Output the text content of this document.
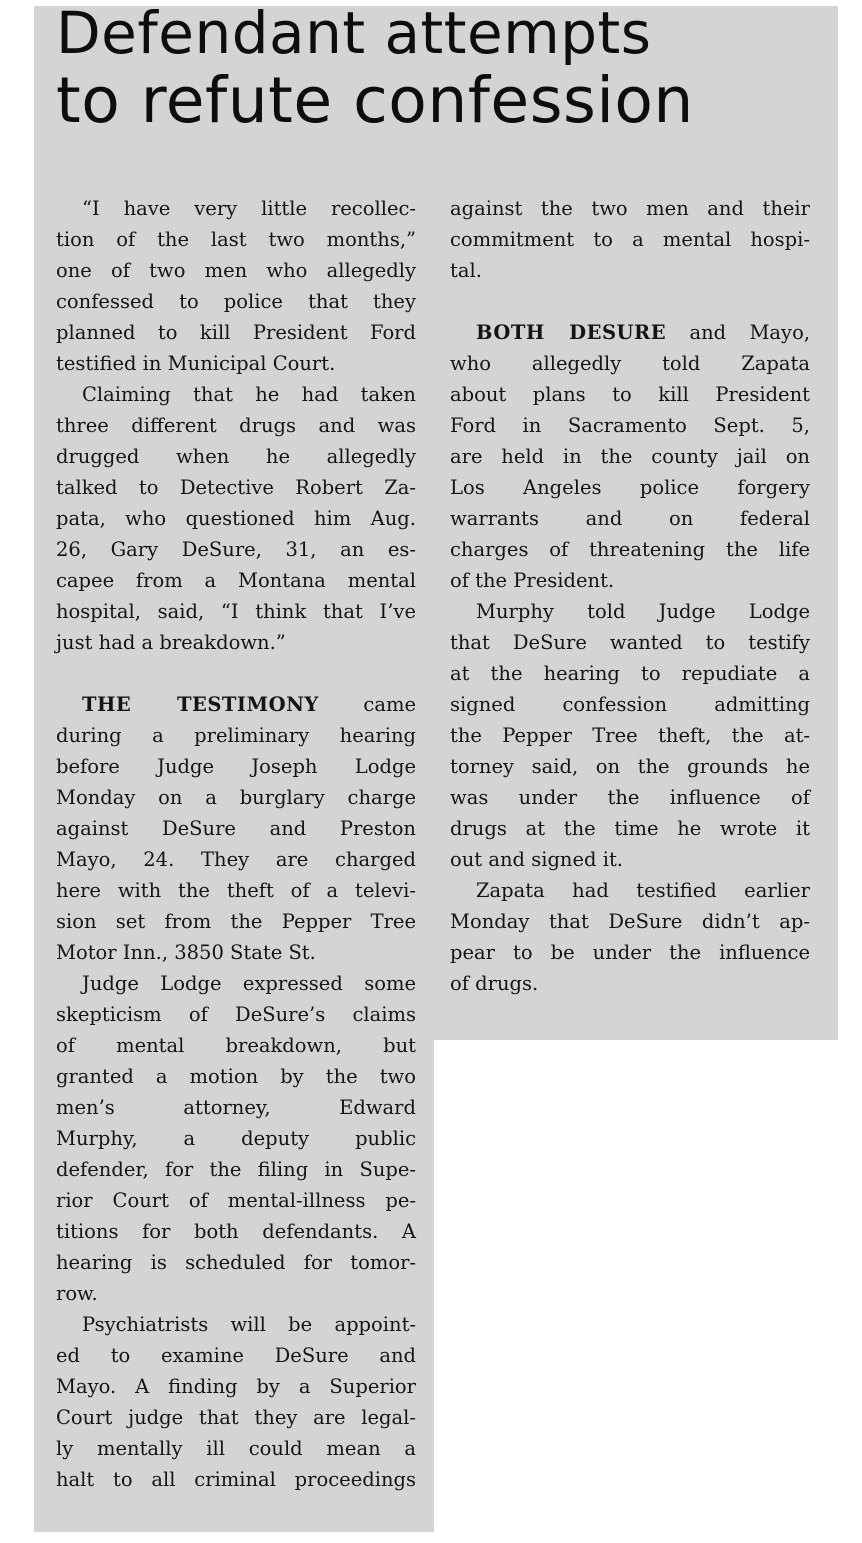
Defendant attempts
to refute confession
“I have very little recollec-
tion of the last two months,”
one of two men who allegedly
confessed to police that they
planned to kill President Ford
testified in Municipal Court.
Claiming that he had taken
three different drugs and was
drugged when he allegedly
talked to Detective Robert Za-
pata, who questioned him Aug.
26, Gary DeSure, 31, an es-
capee from a Montana mental
hospital, said, “I think that I’ve
just had a breakdown.”
THE TESTIMONY came
during a preliminary hearing
before Judge Joseph Lodge
Monday on a burglary charge
against DeSure and Preston
Mayo, 24. They are charged
here with the theft of a televi-
sion set from the Pepper Tree
Motor Inn., 3850 State St.
Judge Lodge expressed some
skepticism of DeSure’s claims
of mental breakdown, but
granted a motion by the two
men’s attorney, Edward
Murphy, a deputy public
defender, for the filing in Supe-
rior Court of mental-illness pe-
titions for both defendants. A
hearing is scheduled for tomor-
row.
Psychiatrists will be appoint-
ed to examine DeSure and
Mayo. A finding by a Superior
Court judge that they are legal-
ly mentally ill could mean a
halt to all criminal proceedings
against the two men and their
commitment to a mental hospi-
tal.
BOTH DESURE and Mayo,
who allegedly told Zapata
about plans to kill President
Ford in Sacramento Sept. 5,
are held in the county jail on
Los Angeles police forgery
warrants and on federal
charges of threatening the life
of the President.
Murphy told Judge Lodge
that DeSure wanted to testify
at the hearing to repudiate a
signed confession admitting
the Pepper Tree theft, the at-
torney said, on the grounds he
was under the influence of
drugs at the time he wrote it
out and signed it.
Zapata had testified earlier
Monday that DeSure didn’t ap-
pear to be under the influence
of drugs.
